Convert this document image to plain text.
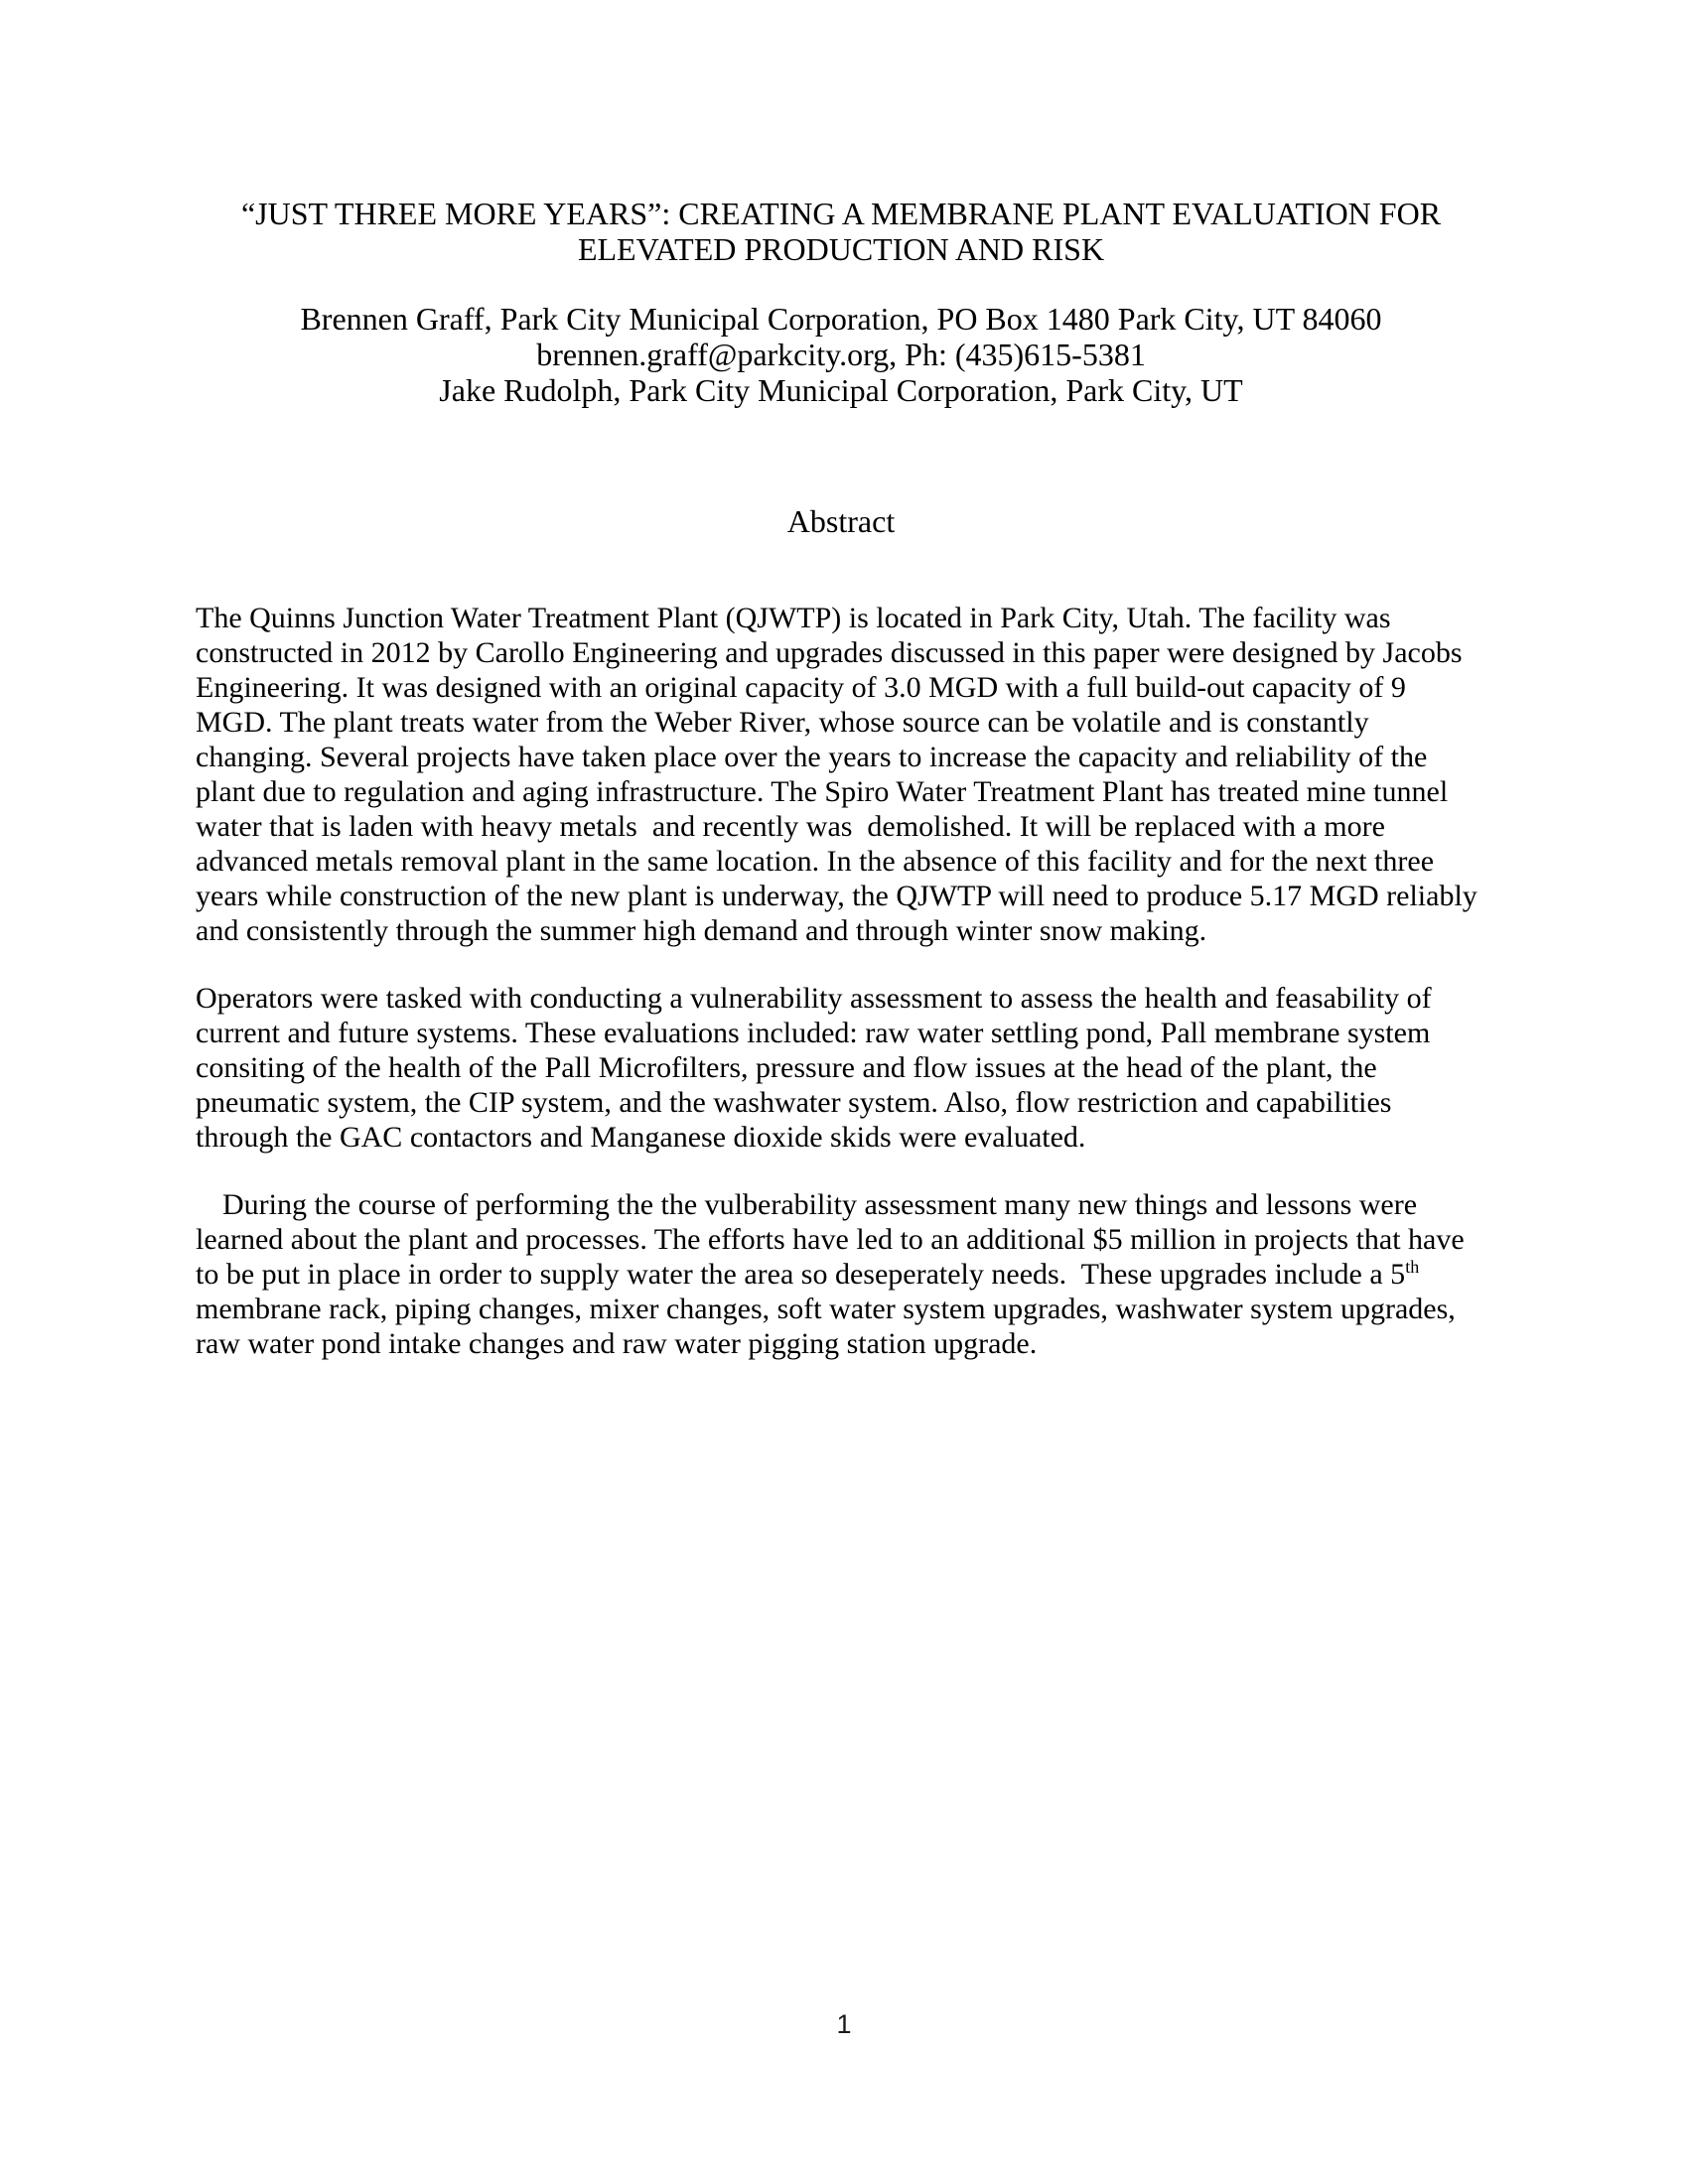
“JUST THREE MORE YEARS”: CREATING A MEMBRANE PLANT EVALUATION FOR ELEVATED PRODUCTION AND RISK

Brennen Graff, Park City Municipal Corporation, PO Box 1480 Park City, UT 84060

brennen.graff@parkcity.org, Ph: (435)615-5381

Jake Rudolph, Park City Municipal Corporation, Park City, UT

Abstract

The Quinns Junction Water Treatment Plant (QJWTP) is located in Park City, Utah. The facility was constructed in 2012 by Carollo Engineering and upgrades discussed in this paper were designed by Jacobs Engineering. It was designed with an original capacity of 3.0 MGD with a full build-out capacity of 9 MGD. The plant treats water from the Weber River, whose source can be volatile and is constantly changing. Several projects have taken place over the years to increase the capacity and reliability of the plant due to regulation and aging infrastructure. The Spiro Water Treatment Plant has treated mine tunnel water that is laden with heavy metals  and recently was  demolished. It will be replaced with a more advanced metals removal plant in the same location. In the absence of this facility and for the next three years while construction of the new plant is underway, the QJWTP will need to produce 5.17 MGD reliably and consistently through the summer high demand and through winter snow making.

Operators were tasked with conducting a vulnerability assessment to assess the health and feasability of current and future systems. These evaluations included: raw water settling pond, Pall membrane system consiting of the health of the Pall Microfilters, pressure and flow issues at the head of the plant, the pneumatic system, the CIP system, and the washwater system. Also, flow restriction and capabilities through the GAC contactors and Manganese dioxide skids were evaluated.

During the course of performing the the vulberability assessment many new things and lessons were learned about the plant and processes. The efforts have led to an additional $5 million in projects that have to be put in place in order to supply water the area so deseperately needs.  These upgrades include a 5th membrane rack, piping changes, mixer changes, soft water system upgrades, washwater system upgrades, raw water pond intake changes and raw water pigging station upgrade.

1
